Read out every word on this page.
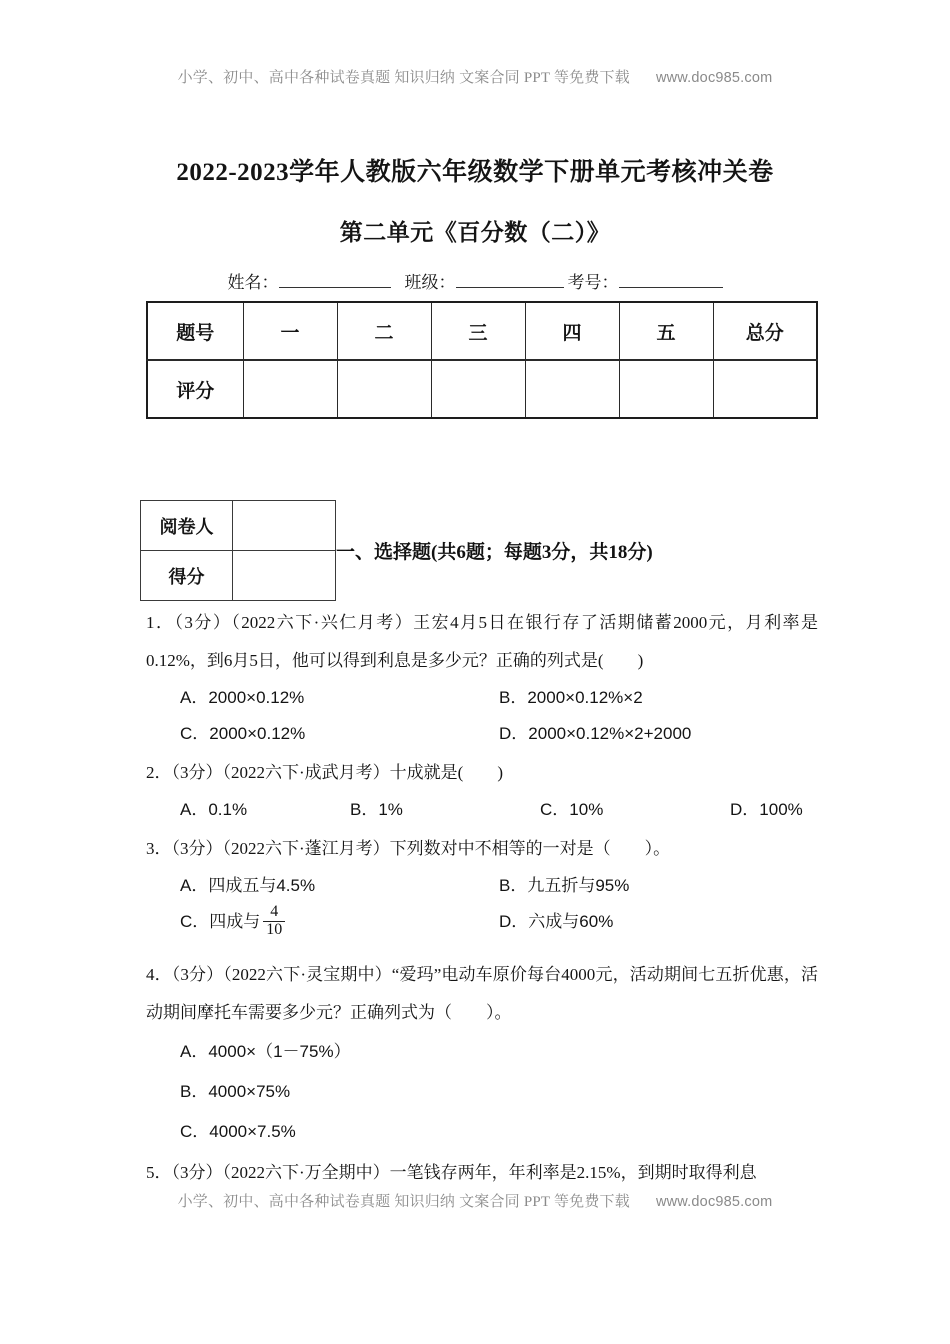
小学、初中、高中各种试卷真题 知识归纳 文案合同 PPT 等免费下载 www.doc985.com
2022-2023学年人教版六年级数学下册单元考核冲关卷
第二单元《百分数（二）》
姓名：	班级：	考号：
题号	一	二	三	四	五	总分
评分						
阅卷人	
得分	
一、选择题(共6题；每题3分，共18分)
1．（3分）（2022六下·兴仁月考）王宏4月5日在银行存了活期储蓄2000元，月利率是0.12%，到6月5日，他可以得到利息是多少元？正确的列式是(　　)
A．2000×0.12%	B．2000×0.12%×2
C．2000×0.12%	D．2000×0.12%×2+2000
2．（3分）（2022六下·成武月考）十成就是(　　)
A．0.1%	B．1%	C．10%	D．100%
3．（3分）（2022六下·蓬江月考）下列数对中不相等的一对是（　　）。
A．四成五与4.5%	B．九五折与95%
C．四成与 $\frac{4}{10}$	D．六成与60%
4．（3分）（2022六下·灵宝期中）“爱玛”电动车原价每台4000元，活动期间七五折优惠，活动期间摩托车需要多少元？正确列式为（　　）。
A．4000×（1－75%）
B．4000×75%
C．4000×7.5%
5．（3分）（2022六下·万全期中）一笔钱存两年，年利率是2.15%，到期时取得利息
小学、初中、高中各种试卷真题 知识归纳 文案合同 PPT 等免费下载 www.doc985.com
